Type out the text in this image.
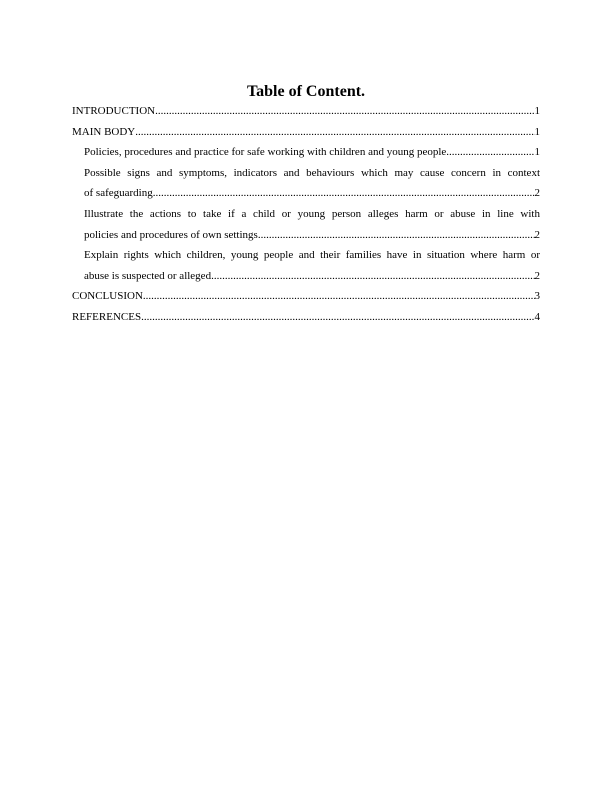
Table of Content.
INTRODUCTION .....	1
MAIN BODY .....	1
Policies, procedures and practice for safe working with children and young people .....	1
Possible signs and symptoms, indicators and behaviours which may cause concern in context
of safeguarding .....	2
Illustrate the actions to take if a child or young person alleges harm or abuse in line with
policies and procedures of own settings .....	2
Explain rights which children, young people and their families have in situation where harm or
abuse is suspected or alleged .....	2
CONCLUSION .....	3
REFERENCES .....	4
